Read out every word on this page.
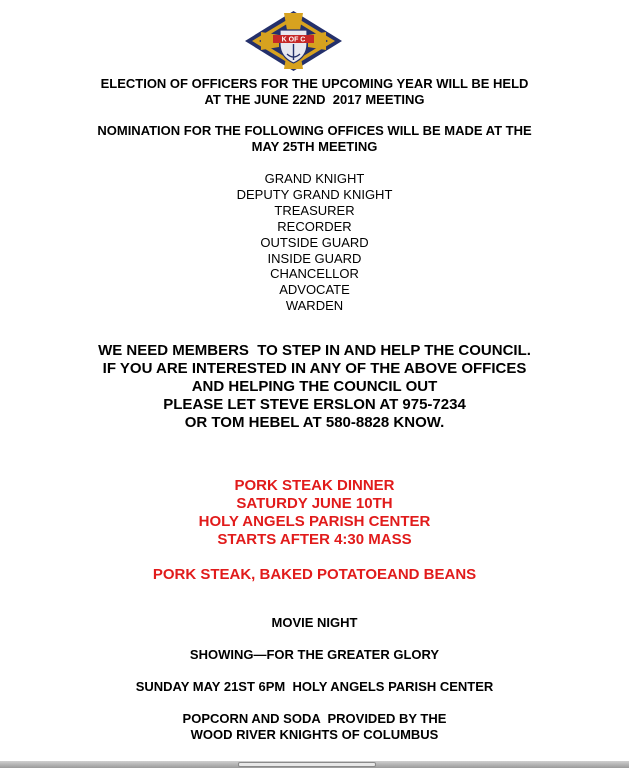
K OF C
ELECTION OF OFFICERS FOR THE UPCOMING YEAR WILL BE HELD
AT THE JUNE 22ND  2017 MEETING
NOMINATION FOR THE FOLLOWING OFFICES WILL BE MADE AT THE
MAY 25TH MEETING
GRAND KNIGHT
DEPUTY GRAND KNIGHT
TREASURER
RECORDER
OUTSIDE GUARD
INSIDE GUARD
CHANCELLOR
ADVOCATE
WARDEN
WE NEED MEMBERS  TO STEP IN AND HELP THE COUNCIL.
IF YOU ARE INTERESTED IN ANY OF THE ABOVE OFFICES
AND HELPING THE COUNCIL OUT
PLEASE LET STEVE ERSLON AT 975-7234
OR TOM HEBEL AT 580-8828 KNOW.
PORK STEAK DINNER
SATURDY JUNE 10TH
HOLY ANGELS PARISH CENTER
STARTS AFTER 4:30 MASS
PORK STEAK, BAKED POTATOEAND BEANS
MOVIE NIGHT
SHOWING—FOR THE GREATER GLORY
SUNDAY MAY 21ST 6PM  HOLY ANGELS PARISH CENTER
POPCORN AND SODA  PROVIDED BY THE
WOOD RIVER KNIGHTS OF COLUMBUS
